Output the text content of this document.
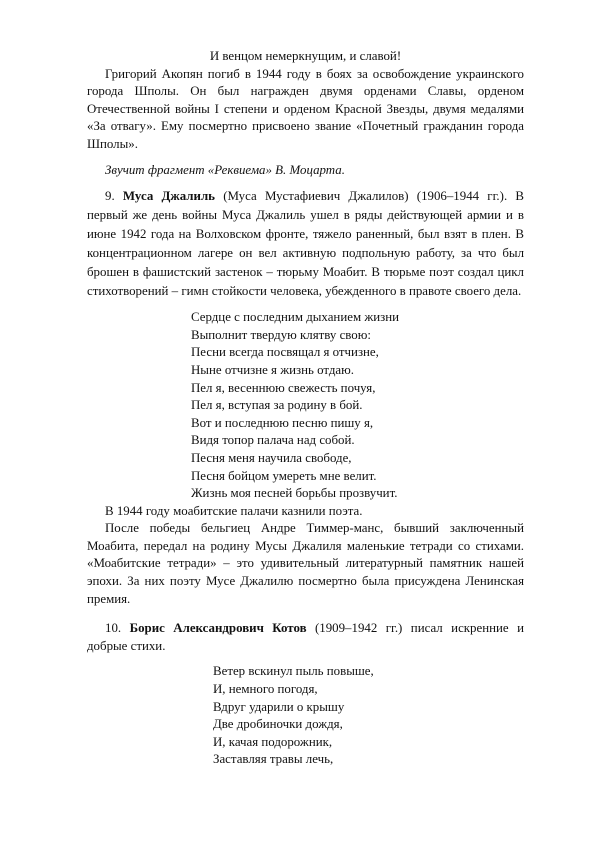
И венцом немеркнущим, и славой!

Григорий Акопян погиб в 1944 году в боях за освобождение украинского города Шполы. Он был награжден двумя орденами Славы, орденом Отечественной войны I степени и орденом Красной Звезды, двумя медалями «За отвагу». Ему посмертно присвоено звание «Почетный гражданин города Шполы».

Звучит фрагмент «Реквиема» В. Моцарта.

9. Муса Джалиль (Муса Мустафиевич Джалилов) (1906–1944 гг.). В первый же день войны Муса Джалиль ушел в ряды действующей армии и в июне 1942 года на Волховском фронте, тяжело раненный, был взят в плен. В концентрационном лагере он вел активную подпольную работу, за что был брошен в фашистский застенок – тюрьму Моабит. В тюрьме поэт создал цикл стихотворений – гимн стойкости человека, убежденного в правоте своего дела.

Сердце с последним дыханием жизни
Выполнит твердую клятву свою:
Песни всегда посвящал я отчизне,
Ныне отчизне я жизнь отдаю.
Пел я, весеннюю свежесть почуя,
Пел я, вступая за родину в бой.
Вот и последнюю песню пишу я,
Видя топор палача над собой.
Песня меня научила свободе,
Песня бойцом умереть мне велит.
Жизнь моя песней борьбы прозвучит.

В 1944 году моабитские палачи казнили поэта.

После победы бельгиец Андре Тиммер-манс, бывший заключенный Моабита, передал на родину Мусы Джалиля маленькие тетради со стихами. «Моабитские тетради» – это удивительный литературный памятник нашей эпохи. За них поэту Мусе Джалилю посмертно была присуждена Ленинская премия.

10. Борис Александрович Котов (1909–1942 гг.) писал искренние и добрые стихи.

Ветер вскинул пыль повыше,
И, немного погодя,
Вдруг ударили о крышу
Две дробиночки дождя,
И, качая подорожник,
Заставляя травы лечь,
